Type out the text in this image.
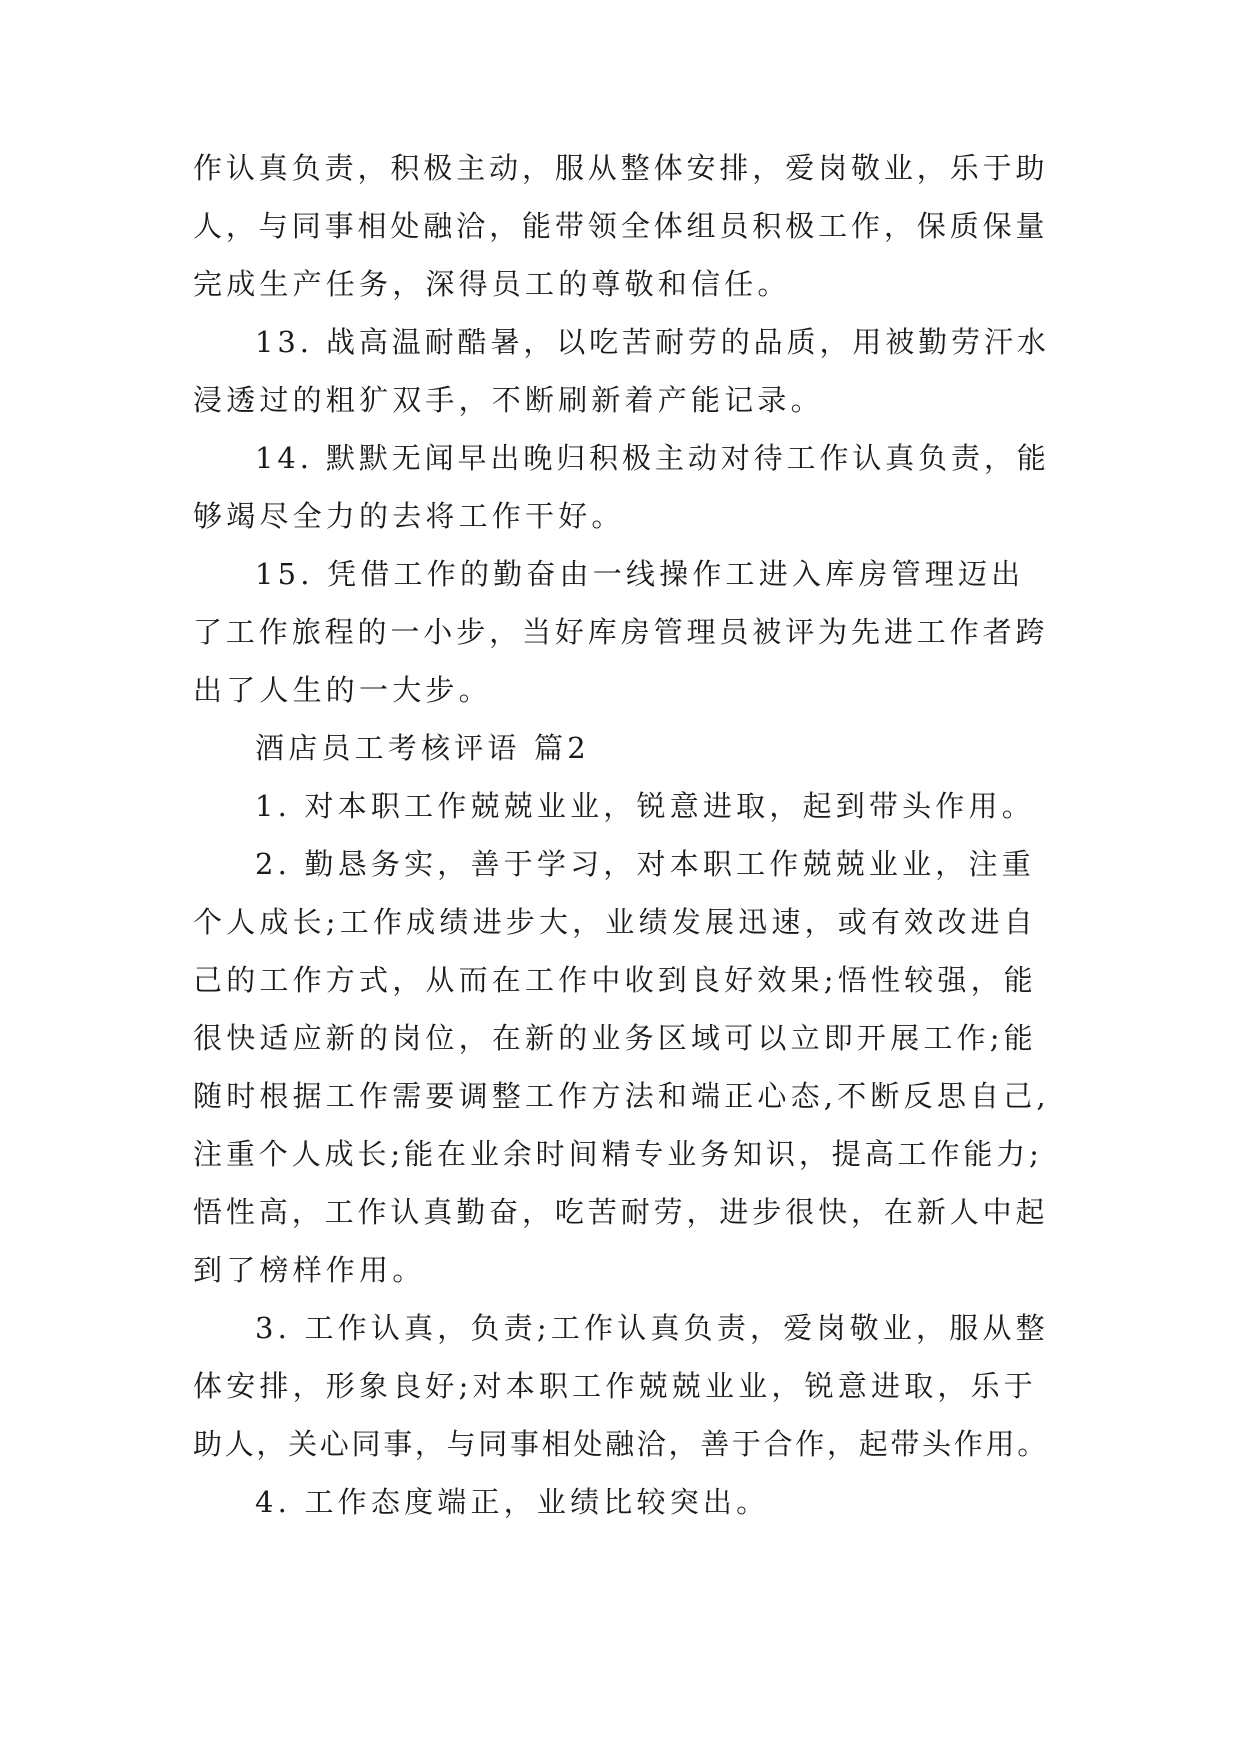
作认真负责，积极主动，服从整体安排，爱岗敬业，乐于助
人，与同事相处融洽，能带领全体组员积极工作，保质保量
完成生产任务，深得员工的尊敬和信任。
13. 战高温耐酷暑，以吃苦耐劳的品质，用被勤劳汗水
浸透过的粗犷双手，不断刷新着产能记录。
14. 默默无闻早出晚归积极主动对待工作认真负责，能
够竭尽全力的去将工作干好。
15. 凭借工作的勤奋由一线操作工进入库房管理迈出
了工作旅程的一小步，当好库房管理员被评为先进工作者跨
出了人生的一大步。
酒店员工考核评语 篇2
1. 对本职工作兢兢业业，锐意进取，起到带头作用。
2. 勤恳务实，善于学习，对本职工作兢兢业业，注重
个人成长;工作成绩进步大，业绩发展迅速，或有效改进自
己的工作方式，从而在工作中收到良好效果;悟性较强，能
很快适应新的岗位，在新的业务区域可以立即开展工作;能
随时根据工作需要调整工作方法和端正心态,不断反思自己,
注重个人成长;能在业余时间精专业务知识，提高工作能力;
悟性高，工作认真勤奋，吃苦耐劳，进步很快，在新人中起
到了榜样作用。
3. 工作认真，负责;工作认真负责，爱岗敬业，服从整
体安排，形象良好;对本职工作兢兢业业，锐意进取，乐于
助人，关心同事，与同事相处融洽，善于合作，起带头作用。
4. 工作态度端正，业绩比较突出。
